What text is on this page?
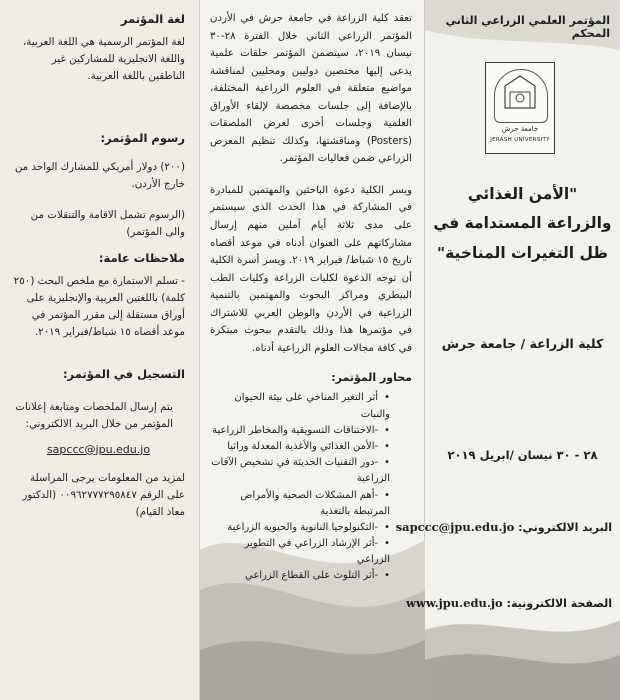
لغة المؤتمر

لغة المؤتمر الرسمية هي اللغة العربية، واللغة الانجليزية للمشاركين غير الناطقين باللغة العربية.

رسوم المؤتمر:

(٢٠٠) دولار أمريكي للمشارك الواحد من خارج الأردن.

(الرسوم تشمل الاقامة والتنقلات من والى المؤتمر)

ملاحظات عامة:

- تسلم الاستمارة مع ملخص البحث (٢٥٠ كلمة) باللغتين العربية والإنجليزية على أوراق مستقلة إلى مقرر المؤتمر في موعد أقصاه ١٥ شباط/فبراير ٢٠١٩.

التسجيل في المؤتمر:

يتم إرسال الملخصات ومتابعة إعلانات المؤتمر من خلال البريد الالكتروني:

sapccc@jpu.edu.jo

لمزيد من المعلومات يرجى المراسلة على الرقم ٠٠٩٦٢٧٧٧٢٩٥٨٤٧ (الدكتور معاذ القيام)

تعقد كلية الزراعة في جامعة جرش في الأردن المؤتمر الزراعي الثاني خلال الفترة ٢٨-٣٠ نيسان ٢٠١٩، سيتضمن المؤتمر حلقات علمية يدعى إليها مختصين دوليين ومحليين لمناقشة مواضيع متعلقة في العلوم الزراعية المختلفة، بالإضافة إلى جلسات مخصصة لإلقاء الأوراق العلمية وجلسات أخرى لعرض الملصقات (Posters) ومناقشتها، وكذلك تنظيم المعرض الزراعي ضمن فعاليات المؤتمر.

ويسر الكلية دعوة الباحثين والمهتمين للمبادرة في المشاركة في هذا الحدث الذي سيستمر على مدى ثلاثة أيام آملين منهم إرسال مشاركاتهم على العنوان أدناه في موعد أقصاه تاريخ ١٥ شباط/ فبراير ٢٠١٩. ويسر أسرة الكلية أن توجه الدعوة لكليات الزراعة وكليات الطب البيطري ومراكز البحوث والمهتمين بالتنمية الزراعية في الأردن والوطن العربي للاشتراك في مؤتمرها هذا وذلك بالتقدم ببحوث مبتكرة في كافة مجالات العلوم الزراعية أدناه.

محاور المؤتمر:

• أثر التغير المناخي على بيئة الحيوان والنبات
• -الاختناقات التسويقية والمخاطر الزراعية
• -الأمن الغذائي والأغذية المعدلة وراثيا
• -دور التقنيات الحديثة في تشخيص الآفات الزراعية
• -أهم المشكلات الصحية والأمراض المرتبطة بالتغذية
• -التكنولوجيا النانوية والحيوية الزراعية
• -أثر الإرشاد الزراعي في التطوير الزراعي
• -أثر التلوث على القطاع الزراعي
المؤتمر العلمي الزراعي الثاني المحكم
جامعة جرش
JERASH UNIVERSITY
"الأمن الغذائي والزراعة المستدامة في ظل التغيرات المناخية"
كلية الزراعة / جامعة جرش
٢٨ - ٣٠ نيسان /ابريل ٢٠١٩
البريد الالكتروني: sapccc@jpu.edu.jo
الصفحة الالكترونية: www.jpu.edu.jo
